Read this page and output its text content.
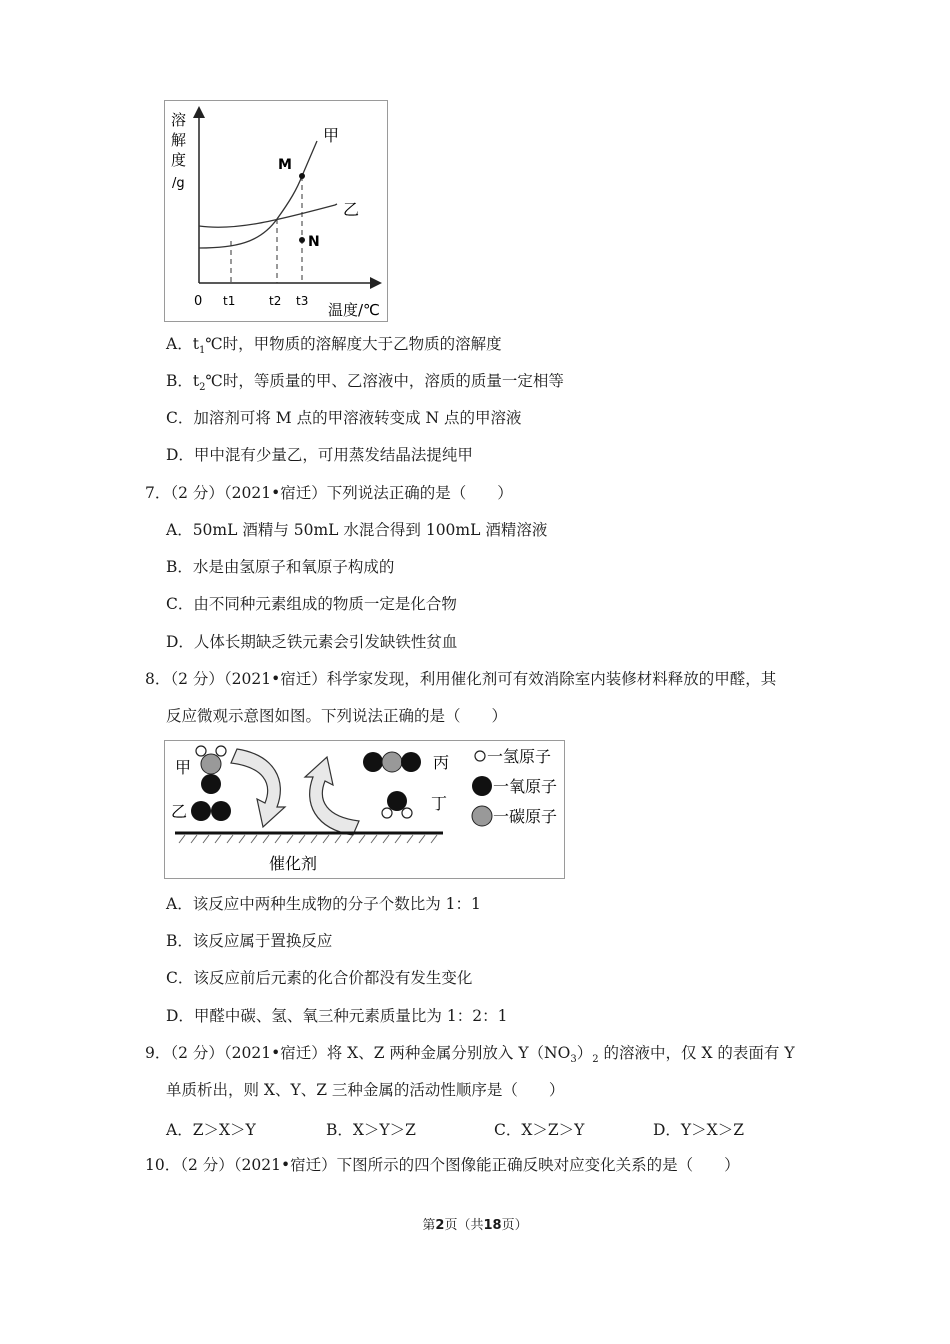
溶
解
度
/g
M
N
甲
乙
0 t1	t2 t3 温度/℃
A．$t_1℃$时，甲物质的溶解度大于乙物质的溶解度
B．$t_2℃$时，等质量的甲、乙溶液中，溶质的质量一定相等
C．加溶剂可将 M 点的甲溶液转变成 N 点的甲溶液
D．甲中混有少量乙，可用蒸发结晶法提纯甲
7．（2 分）（2021•宿迁）下列说法正确的是（　　）
A．50mL 酒精与 50mL 水混合得到 100mL 酒精溶液
B．水是由氢原子和氧原子构成的
C．由不同种元素组成的物质一定是化合物
D．人体长期缺乏铁元素会引发缺铁性贫血
8．（2 分）（2021•宿迁）科学家发现，利用催化剂可有效消除室内装修材料释放的甲醛，其
反应微观示意图如图。下列说法正确的是（　　）
甲
乙
丙
丁
催化剂
一氢原子
一氧原子
一碳原子
A．该反应中两种生成物的分子个数比为 1：1
B．该反应属于置换反应
C．该反应前后元素的化合价都没有发生变化
D．甲醛中碳、氢、氧三种元素质量比为 1：2：1
9．（2 分）（2021•宿迁）将 X、Z 两种金属分别放入 $Y(NO_3)_2$ 的溶液中，仅 X 的表面有 Y
单质析出，则 X、Y、Z 三种金属的活动性顺序是（　　）
A．Z＞X＞Y	B．X＞Y＞Z	C．X＞Z＞Y	D．Y＞X＞Z
10．（2 分）（2021•宿迁）下图所示的四个图像能正确反映对应变化关系的是（　　）
第2页（共18页）
